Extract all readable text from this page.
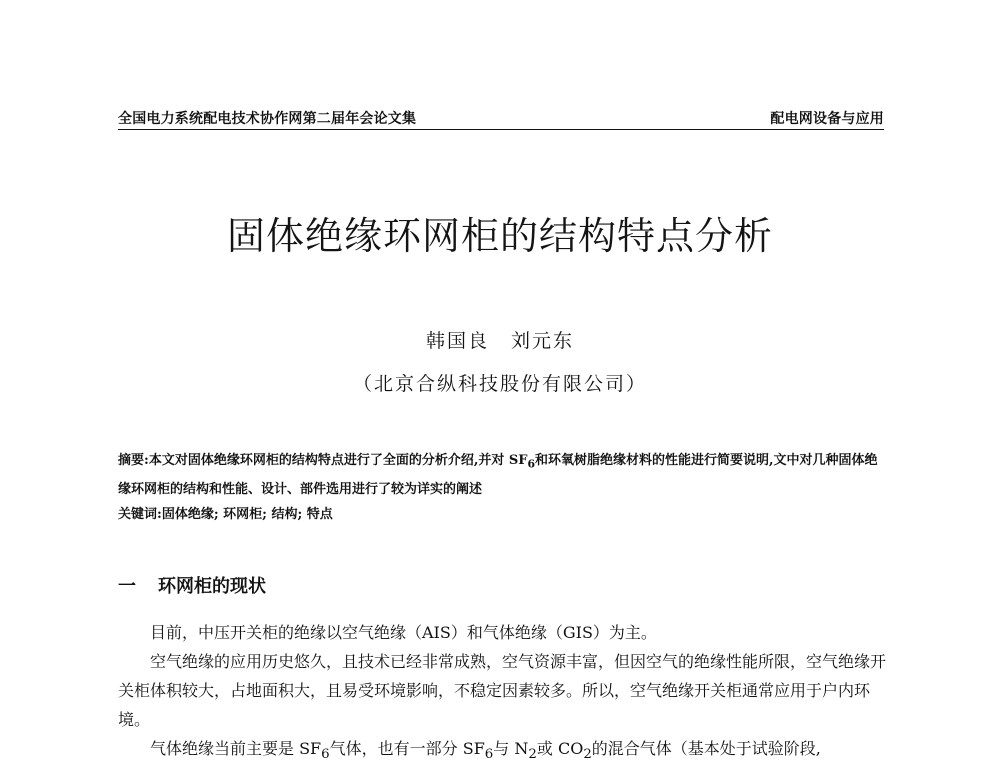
全国电力系统配电技术协作网第二届年会论文集	配电网设备与应用
固体绝缘环网柜的结构特点分析
韩国良 刘元东
（北京合纵科技股份有限公司）
摘要:本文对固体绝缘环网柜的结构特点进行了全面的分析介绍,并对 $SF_6$和环氧树脂绝缘材料的性能进行简要说明,文中对几种固体绝缘环网柜的结构和性能、设计、部件选用进行了较为详实的阐述
关键词:固体绝缘; 环网柜; 结构; 特点
一 环网柜的现状

目前，中压开关柜的绝缘以空气绝缘（AIS）和气体绝缘（GIS）为主。

空气绝缘的应用历史悠久，且技术已经非常成熟，空气资源丰富，但因空气的绝缘性能所限，空气绝缘开关柜体积较大，占地面积大，且易受环境影响，不稳定因素较多。所以，空气绝缘开关柜通常应用于户内环境。

气体绝缘当前主要是 $SF_6$气体，也有一部分 $SF_6$与 $N_2$或 $CO_2$的混合气体（基本处于试验阶段,
